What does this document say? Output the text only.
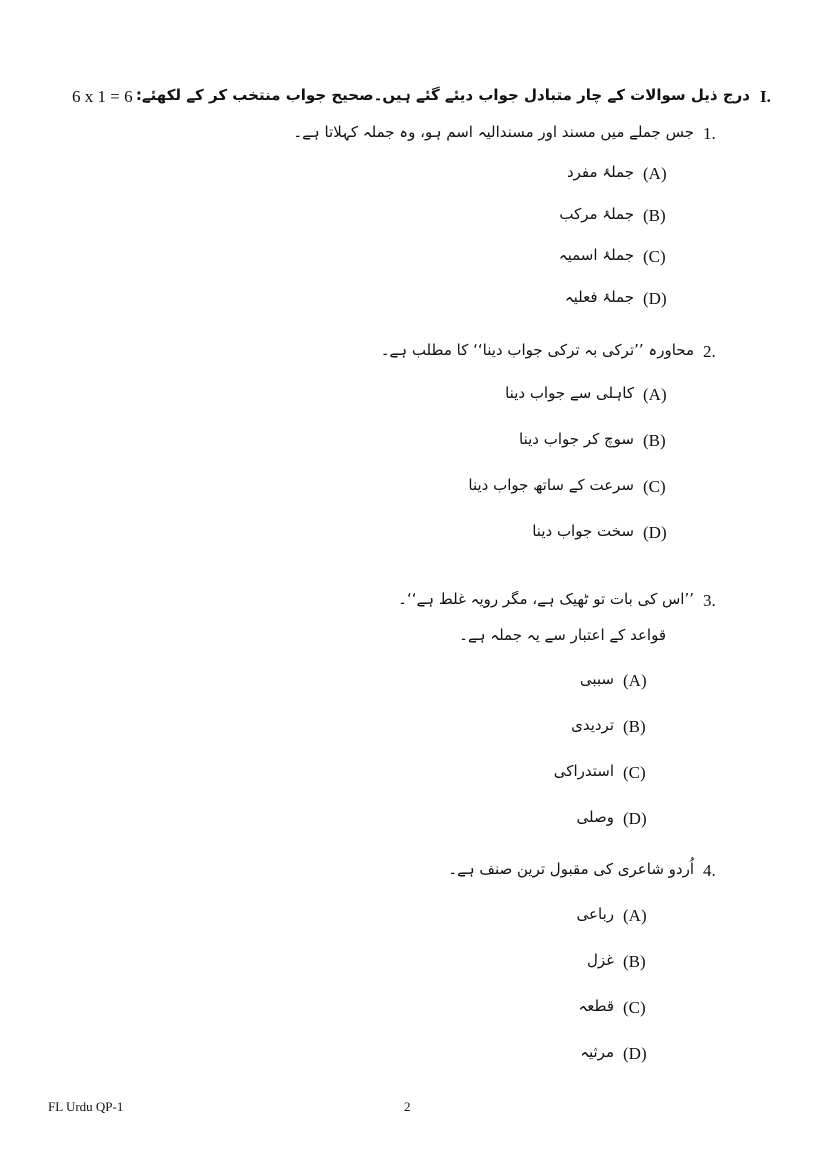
6 x 1 = 6	I.
درج ذیل سوالات کے چار متبادل جواب دیئے گئے ہیں۔صحیح جواب منتخب کر کے لکھئے:
1.
جس جملے میں مسند اور مسندالیہ اسم ہو، وہ جملہ کہلاتا ہے۔
(A)
جملۂ مفرد
(B)
جملۂ مرکب
(C)
جملۂ اسمیہ
(D)
جملۂ فعلیہ
2.
محاورہ ’’ترکی بہ ترکی جواب دینا‘‘ کا مطلب ہے۔
(A)
کاہلی سے جواب دینا
(B)
سوچ کر جواب دینا
(C)
سرعت کے ساتھ جواب دینا
(D)
سخت جواب دینا
3.
’’اس کی بات تو ٹھیک ہے، مگر رویہ غلط ہے‘‘۔
قواعد کے اعتبار سے یہ جملہ ہے۔
(A)
سببی
(B)
تردیدی
(C)
استدراکی
(D)
وصلی
4.
اُردو شاعری کی مقبول ترین صنف ہے۔
(A)
رباعی
(B)
غزل
(C)
قطعہ
(D)
مرثیہ
FL Urdu QP-1	2
